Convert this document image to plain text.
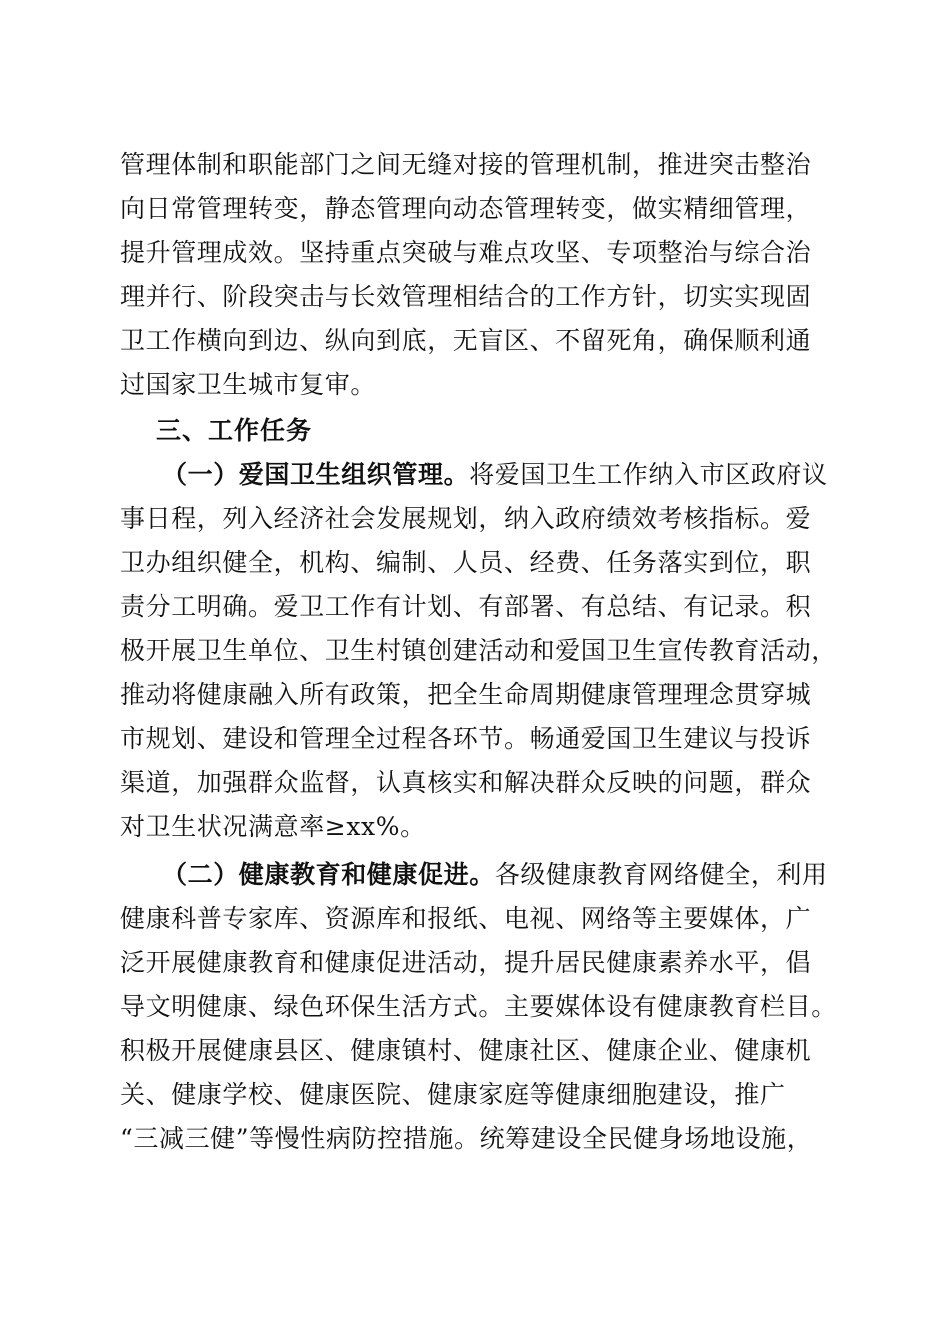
管理体制和职能部门之间无缝对接的管理机制，推进突击整治
向日常管理转变，静态管理向动态管理转变，做实精细管理，
提升管理成效。坚持重点突破与难点攻坚、专项整治与综合治
理并行、阶段突击与长效管理相结合的工作方针，切实实现固
卫工作横向到边、纵向到底，无盲区、不留死角，确保顺利通
过国家卫生城市复审。
三、工作任务
（一）爱国卫生组织管理。将爱国卫生工作纳入市区政府议
事日程，列入经济社会发展规划，纳入政府绩效考核指标。爱
卫办组织健全，机构、编制、人员、经费、任务落实到位，职
责分工明确。爱卫工作有计划、有部署、有总结、有记录。积
极开展卫生单位、卫生村镇创建活动和爱国卫生宣传教育活动，
推动将健康融入所有政策，把全生命周期健康管理理念贯穿城
市规划、建设和管理全过程各环节。畅通爱国卫生建议与投诉
渠道，加强群众监督，认真核实和解决群众反映的问题，群众
对卫生状况满意率≥xx%。
（二）健康教育和健康促进。各级健康教育网络健全，利用
健康科普专家库、资源库和报纸、电视、网络等主要媒体，广
泛开展健康教育和健康促进活动，提升居民健康素养水平，倡
导文明健康、绿色环保生活方式。主要媒体设有健康教育栏目。
积极开展健康县区、健康镇村、健康社区、健康企业、健康机
关、健康学校、健康医院、健康家庭等健康细胞建设，推广
“三减三健”等慢性病防控措施。统筹建设全民健身场地设施，
